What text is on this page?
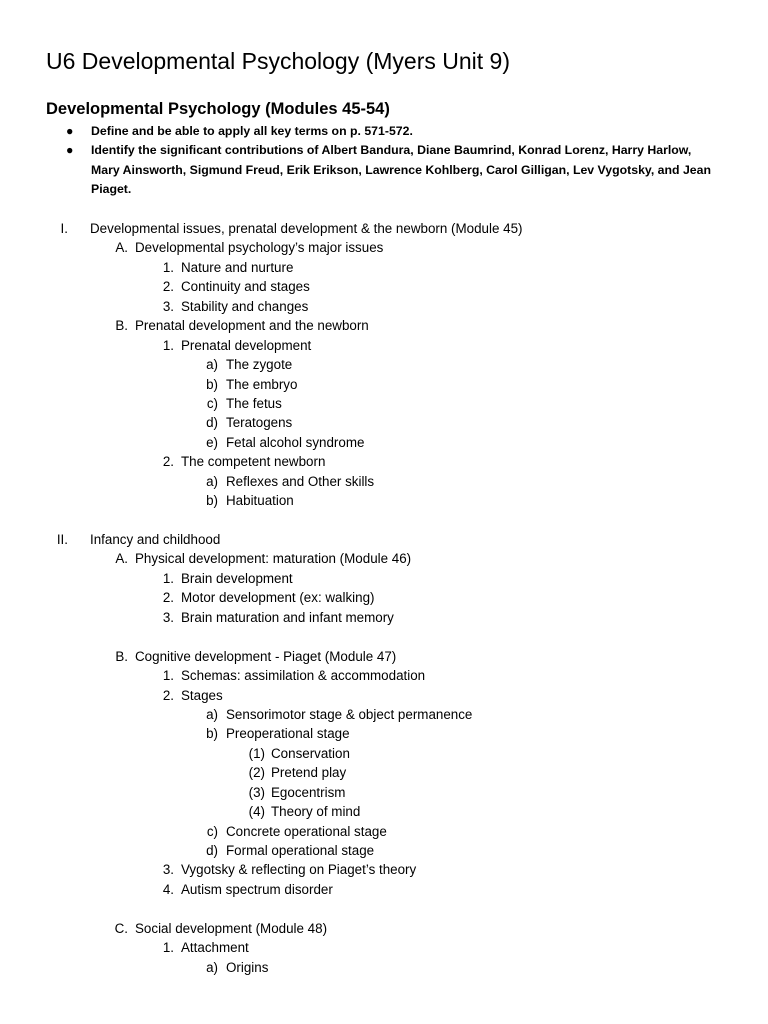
U6 Developmental Psychology (Myers Unit 9)
Developmental Psychology (Modules 45-54)
● Define and be able to apply all key terms on p. 571-572.
● Identify the significant contributions of Albert Bandura, Diane Baumrind, Konrad Lorenz, Harry Harlow, Mary Ainsworth, Sigmund Freud, Erik Erikson, Lawrence Kohlberg, Carol Gilligan, Lev Vygotsky, and Jean Piaget.
I. Developmental issues, prenatal development & the newborn (Module 45)
A. Developmental psychology’s major issues
1. Nature and nurture
2. Continuity and stages
3. Stability and changes
B. Prenatal development and the newborn
1. Prenatal development
a) The zygote
b) The embryo
c) The fetus
d) Teratogens
e) Fetal alcohol syndrome
2. The competent newborn
a) Reflexes and Other skills
b) Habituation
II. Infancy and childhood
A. Physical development: maturation (Module 46)
1. Brain development
2. Motor development (ex: walking)
3. Brain maturation and infant memory
B. Cognitive development - Piaget (Module 47)
1. Schemas: assimilation & accommodation
2. Stages
a) Sensorimotor stage & object permanence
b) Preoperational stage
(1) Conservation
(2) Pretend play
(3) Egocentrism
(4) Theory of mind
c) Concrete operational stage
d) Formal operational stage
3. Vygotsky & reflecting on Piaget’s theory
4. Autism spectrum disorder
C. Social development (Module 48)
1. Attachment
a) Origins
